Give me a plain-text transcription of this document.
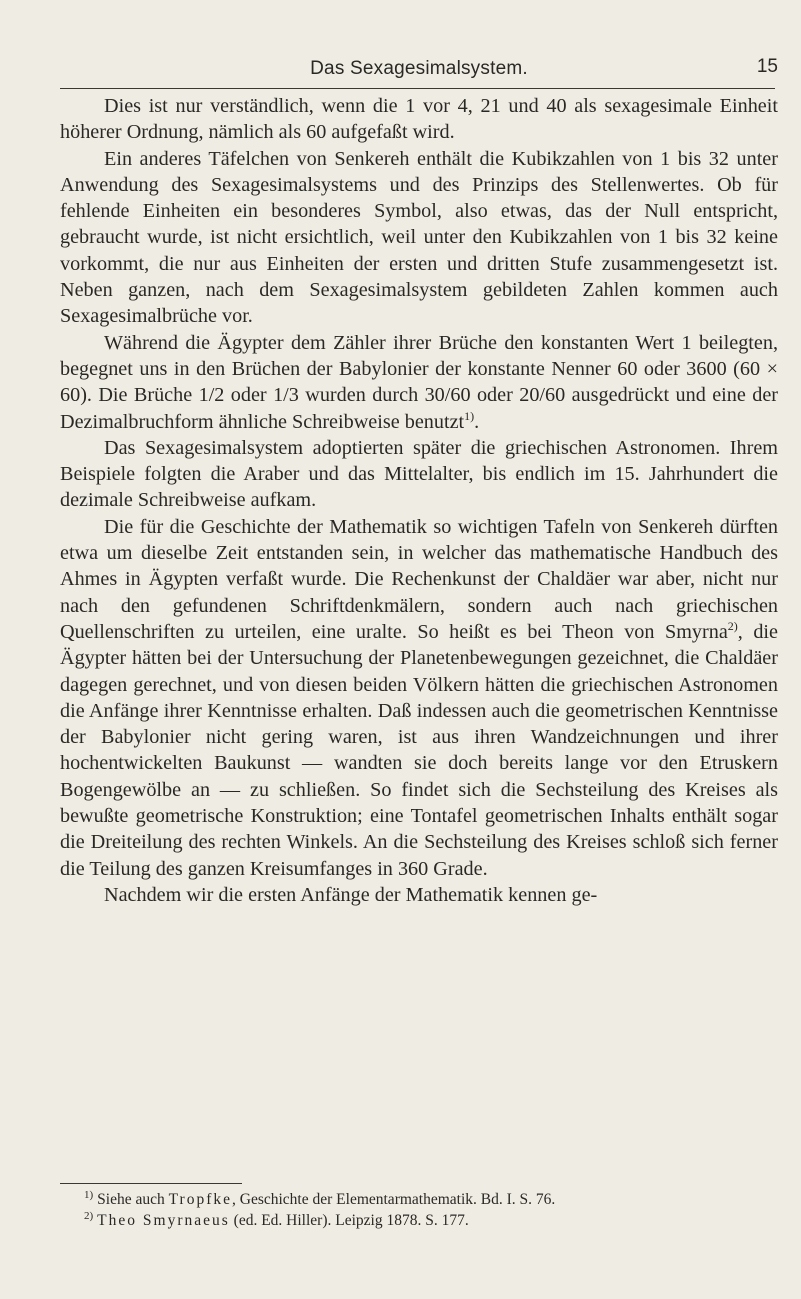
Das Sexagesimalsystem.	15

Dies ist nur verständlich, wenn die 1 vor 4, 21 und 40 als sexagesimale Einheit höherer Ordnung, nämlich als 60 aufgefaßt wird.

Ein anderes Täfelchen von Senkereh enthält die Kubikzahlen von 1 bis 32 unter Anwendung des Sexagesimalsystems und des Prinzips des Stellenwertes. Ob für fehlende Einheiten ein besonderes Symbol, also etwas, das der Null entspricht, gebraucht wurde, ist nicht ersichtlich, weil unter den Kubikzahlen von 1 bis 32 keine vorkommt, die nur aus Einheiten der ersten und dritten Stufe zusammengesetzt ist. Neben ganzen, nach dem Sexagesimalsystem gebildeten Zahlen kommen auch Sexagesimalbrüche vor.

Während die Ägypter dem Zähler ihrer Brüche den konstanten Wert 1 beilegten, begegnet uns in den Brüchen der Babylonier der konstante Nenner 60 oder 3600 (60 × 60). Die Brüche 1/2 oder 1/3 wurden durch 30/60 oder 20/60 ausgedrückt und eine der Dezimalbruchform ähnliche Schreibweise benutzt$^{1)}$.

Das Sexagesimalsystem adoptierten später die griechischen Astronomen. Ihrem Beispiele folgten die Araber und das Mittelalter, bis endlich im 15. Jahrhundert die dezimale Schreibweise aufkam.

Die für die Geschichte der Mathematik so wichtigen Tafeln von Senkereh dürften etwa um dieselbe Zeit entstanden sein, in welcher das mathematische Handbuch des Ahmes in Ägypten verfaßt wurde. Die Rechenkunst der Chaldäer war aber, nicht nur nach den gefundenen Schriftdenkmälern, sondern auch nach griechischen Quellenschriften zu urteilen, eine uralte. So heißt es bei Theon von Smyrna$^{2)}$, die Ägypter hätten bei der Untersuchung der Planetenbewegungen gezeichnet, die Chaldäer dagegen gerechnet, und von diesen beiden Völkern hätten die griechischen Astronomen die Anfänge ihrer Kenntnisse erhalten. Daß indessen auch die geometrischen Kenntnisse der Babylonier nicht gering waren, ist aus ihren Wandzeichnungen und ihrer hochentwickelten Baukunst — wandten sie doch bereits lange vor den Etruskern Bogengewölbe an — zu schließen. So findet sich die Sechsteilung des Kreises als bewußte geometrische Konstruktion; eine Tontafel geometrischen Inhalts enthält sogar die Dreiteilung des rechten Winkels. An die Sechsteilung des Kreises schloß sich ferner die Teilung des ganzen Kreisumfanges in 360 Grade.

Nachdem wir die ersten Anfänge der Mathematik kennen ge-

$^{1)}$ Siehe auch Tropfke, Geschichte der Elementarmathematik. Bd. I. S. 76.

$^{2)}$ Theo Smyrnaeus (ed. Ed. Hiller). Leipzig 1878. S. 177.
